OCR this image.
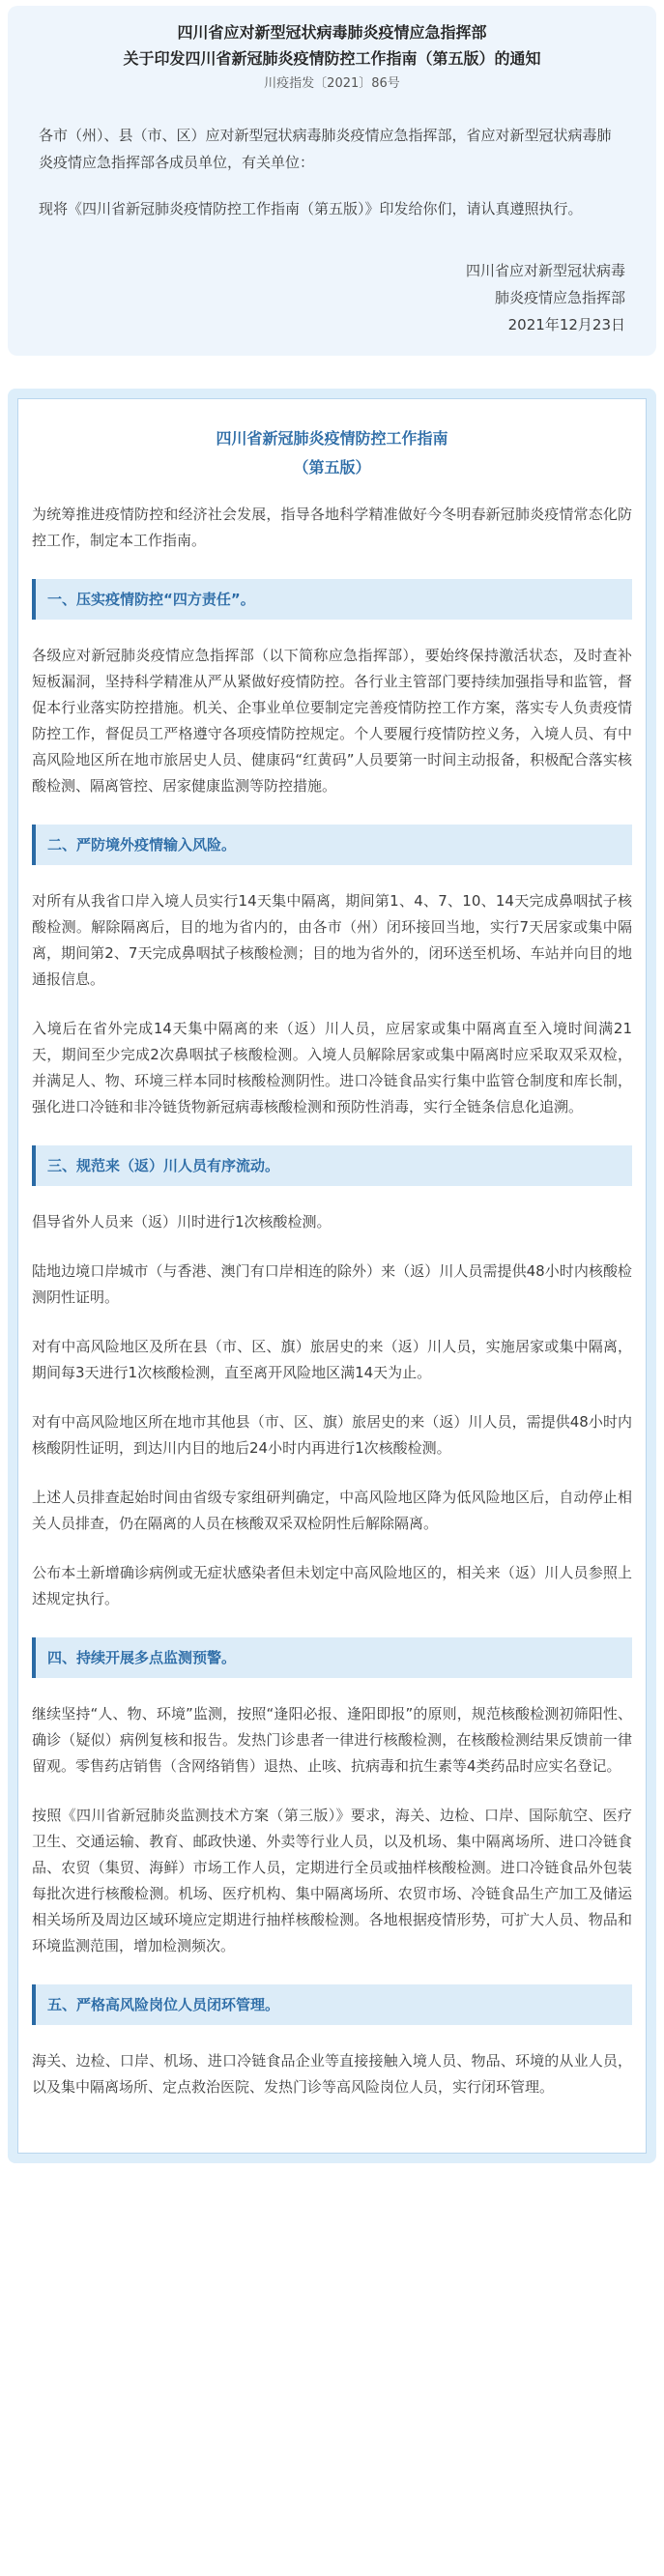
四川省应对新型冠状病毒肺炎疫情应急指挥部
关于印发四川省新冠肺炎疫情防控工作指南（第五版）的通知
川疫指发〔2021〕86号

各市（州）、县（市、区）应对新型冠状病毒肺炎疫情应急指挥部，省应对新型冠状病毒肺炎疫情应急指挥部各成员单位，有关单位：

现将《四川省新冠肺炎疫情防控工作指南（第五版）》印发给你们，请认真遵照执行。

四川省应对新型冠状病毒
肺炎疫情应急指挥部
2021年12月23日
四川省新冠肺炎疫情防控工作指南
（第五版）

为统筹推进疫情防控和经济社会发展，指导各地科学精准做好今冬明春新冠肺炎疫情常态化防控工作，制定本工作指南。

一、压实疫情防控“四方责任”。

各级应对新冠肺炎疫情应急指挥部（以下简称应急指挥部），要始终保持激活状态，及时查补短板漏洞，坚持科学精准从严从紧做好疫情防控。各行业主管部门要持续加强指导和监管，督促本行业落实防控措施。机关、企事业单位要制定完善疫情防控工作方案，落实专人负责疫情防控工作，督促员工严格遵守各项疫情防控规定。个人要履行疫情防控义务，入境人员、有中高风险地区所在地市旅居史人员、健康码“红黄码”人员要第一时间主动报备，积极配合落实核酸检测、隔离管控、居家健康监测等防控措施。

二、严防境外疫情输入风险。

对所有从我省口岸入境人员实行14天集中隔离，期间第1、4、7、10、14天完成鼻咽拭子核酸检测。解除隔离后，目的地为省内的，由各市（州）闭环接回当地，实行7天居家或集中隔离，期间第2、7天完成鼻咽拭子核酸检测；目的地为省外的，闭环送至机场、车站并向目的地通报信息。

入境后在省外完成14天集中隔离的来（返）川人员，应居家或集中隔离直至入境时间满21天，期间至少完成2次鼻咽拭子核酸检测。入境人员解除居家或集中隔离时应采取双采双检，并满足人、物、环境三样本同时核酸检测阴性。进口冷链食品实行集中监管仓制度和库长制，强化进口冷链和非冷链货物新冠病毒核酸检测和预防性消毒，实行全链条信息化追溯。

三、规范来（返）川人员有序流动。

倡导省外人员来（返）川时进行1次核酸检测。

陆地边境口岸城市（与香港、澳门有口岸相连的除外）来（返）川人员需提供48小时内核酸检测阴性证明。

对有中高风险地区及所在县（市、区、旗）旅居史的来（返）川人员，实施居家或集中隔离，期间每3天进行1次核酸检测，直至离开风险地区满14天为止。

对有中高风险地区所在地市其他县（市、区、旗）旅居史的来（返）川人员，需提供48小时内核酸阴性证明，到达川内目的地后24小时内再进行1次核酸检测。

上述人员排查起始时间由省级专家组研判确定，中高风险地区降为低风险地区后，自动停止相关人员排查，仍在隔离的人员在核酸双采双检阴性后解除隔离。

公布本土新增确诊病例或无症状感染者但未划定中高风险地区的，相关来（返）川人员参照上述规定执行。

四、持续开展多点监测预警。

继续坚持“人、物、环境”监测，按照“逢阳必报、逢阳即报”的原则，规范核酸检测初筛阳性、确诊（疑似）病例复核和报告。发热门诊患者一律进行核酸检测，在核酸检测结果反馈前一律留观。零售药店销售（含网络销售）退热、止咳、抗病毒和抗生素等4类药品时应实名登记。

按照《四川省新冠肺炎监测技术方案（第三版）》要求，海关、边检、口岸、国际航空、医疗卫生、交通运输、教育、邮政快递、外卖等行业人员，以及机场、集中隔离场所、进口冷链食品、农贸（集贸、海鲜）市场工作人员，定期进行全员或抽样核酸检测。进口冷链食品外包装每批次进行核酸检测。机场、医疗机构、集中隔离场所、农贸市场、冷链食品生产加工及储运相关场所及周边区域环境应定期进行抽样核酸检测。各地根据疫情形势，可扩大人员、物品和环境监测范围，增加检测频次。

五、严格高风险岗位人员闭环管理。

海关、边检、口岸、机场、进口冷链食品企业等直接接触入境人员、物品、环境的从业人员，以及集中隔离场所、定点救治医院、发热门诊等高风险岗位人员，实行闭环管理。
